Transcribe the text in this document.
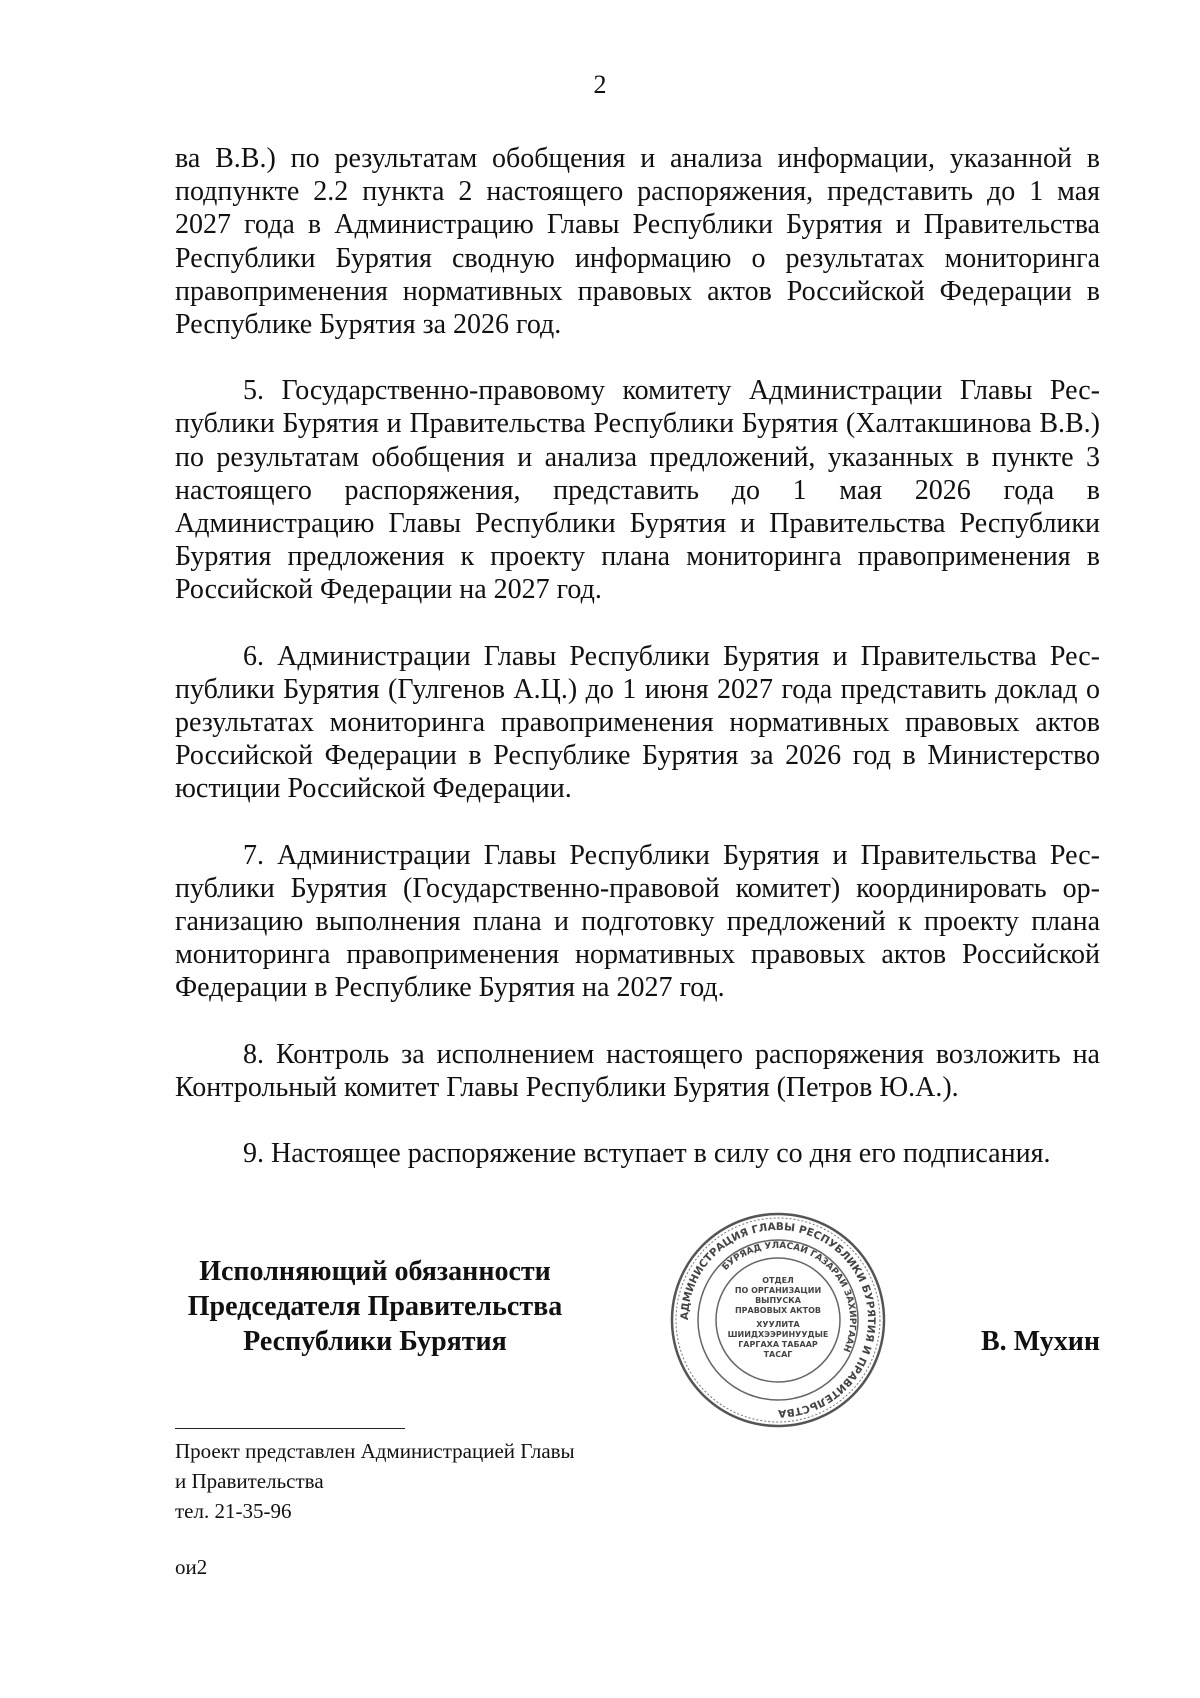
2

ва В.В.) по результатам обобщения и анализа информации, указанной в подпункте 2.2 пункта 2 настоящего распоряжения, представить до 1 мая 2027 года в Администрацию Главы Республики Бурятия и Правительства Республики Бурятия сводную информацию о результатах мониторинга правоприменения нормативных правовых актов Российской Федерации в Республике Бурятия за 2026 год.

5. Государственно-правовому комитету Администрации Главы Республики Бурятия и Правительства Республики Бурятия (Халтакшинова В.В.) по результатам обобщения и анализа предложений, указанных в пункте 3 настоящего распоряжения, представить до 1 мая 2026 года в Администрацию Главы Республики Бурятия и Правительства Республики Бурятия предложения к проекту плана мониторинга правоприменения в Российской Федерации на 2027 год.

6. Администрации Главы Республики Бурятия и Правительства Республики Бурятия (Гулгенов А.Ц.) до 1 июня 2027 года представить доклад о результатах мониторинга правоприменения нормативных правовых актов Российской Федерации в Республике Бурятия за 2026 год в Министерство юстиции Российской Федерации.

7. Администрации Главы Республики Бурятия и Правительства Республики Бурятия (Государственно-правовой комитет) координировать организацию выполнения плана и подготовку предложений к проекту плана мониторинга правоприменения нормативных правовых актов Российской Федерации в Республике Бурятия на 2027 год.

8. Контроль за исполнением настоящего распоряжения возложить на Контрольный комитет Главы Республики Бурятия (Петров Ю.А.).

9. Настоящее распоряжение вступает в силу со дня его подписания.

Исполняющий обязанности
Председателя Правительства
Республики Бурятия
АДМИНИСТРАЦИЯ ГЛАВЫ РЕСПУБЛИКИ БУРЯТИЯ И ПРАВИТЕЛЬСТВА
БУРЯАД УЛАСАЙ ГАЗАРАЙ ЗАХИРГААН
ОТДЕЛ
ПО ОРГАНИЗАЦИИ
ВЫПУСКА
ПРАВОВЫХ АКТОВ
ХУУЛИТА
ШИИДХЭЭРИНУУДЫЕ
ГАРГАХА ТАБААР
ТАСАГ	В. Мухин
Проект представлен Администрацией Главы
и Правительства
тел. 21-35-96
ои2
